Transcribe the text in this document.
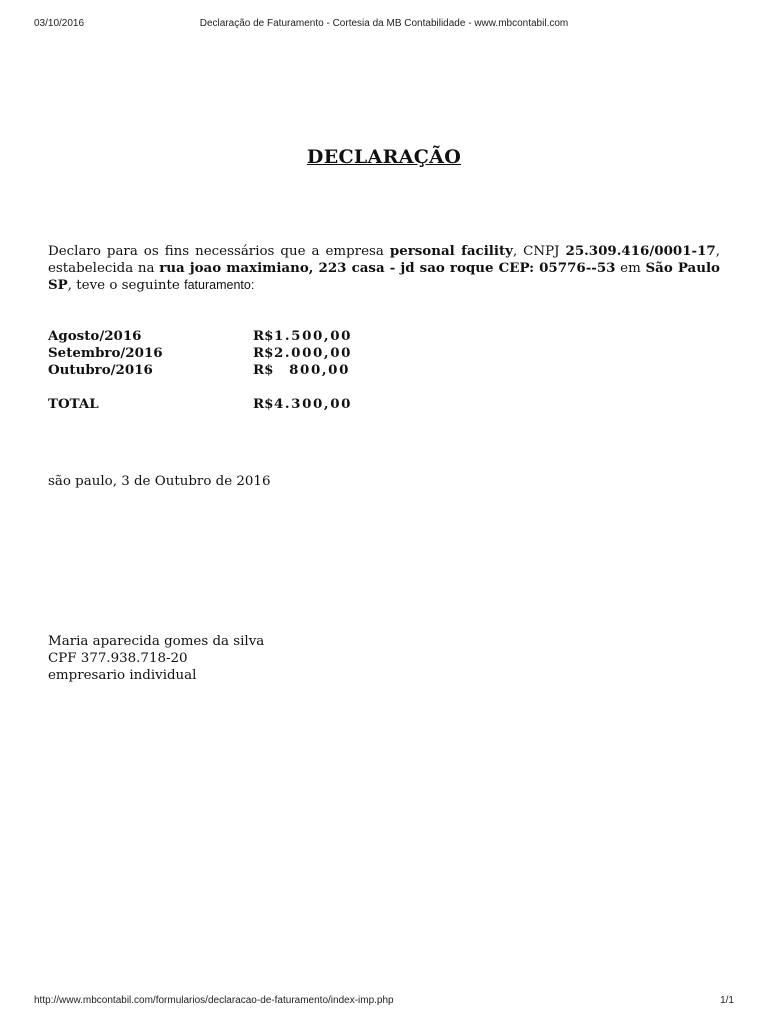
03/10/2016	Declaração de Faturamento - Cortesia da MB Contabilidade - www.mbcontabil.com
DECLARAÇÃO
Declaro para os fins necessários que a empresa personal facility, CNPJ 25.309.416/0001-17, estabelecida na rua joao maximiano, 223 casa - jd sao roque CEP: 05776--53 em São Paulo SP, teve o seguinte faturamento:
Agosto/2016	R$ 1.500,00
Setembro/2016	R$ 2.000,00
Outubro/2016	R$	800,00
TOTAL	R$ 4.300,00
são paulo, 3 de Outubro de 2016
Maria aparecida gomes da silva
CPF 377.938.718-20
empresario individual
http://www.mbcontabil.com/formularios/declaracao-de-faturamento/index-imp.php	1/1
